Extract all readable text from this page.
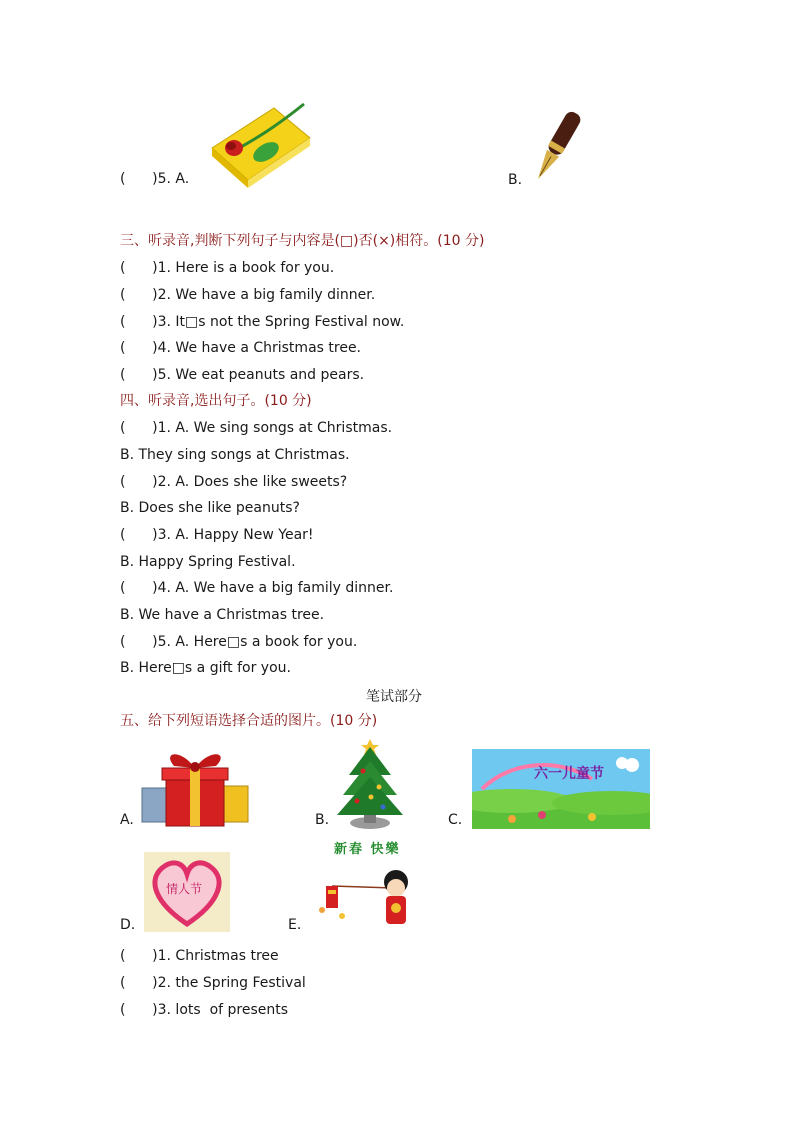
(      )5. A.	B.
三、听录音,判断下列句子与内容是(□)否(×)相符。(10 分)
(      )1. Here is a book for you.
(      )2. We have a big family dinner.
(      )3. It□s not the Spring Festival now.
(      )4. We have a Christmas tree.
(      )5. We eat peanuts and pears.
四、听录音,选出句子。(10 分)
(      )1. A. We sing songs at Christmas.
B. They sing songs at Christmas.
(      )2. A. Does she like sweets?
B. Does she like peanuts?
(      )3. A. Happy New Year!
B. Happy Spring Festival.
(      )4. A. We have a big family dinner.
B. We have a Christmas tree.
(      )5. A. Here□s a book for you.
B. Here□s a gift for you.
笔试部分
五、给下列短语选择合适的图片。(10 分)
A.	B.	C.
六一儿童节
D.
情人节
E.
新春 快樂
(      )1. Christmas tree
(      )2. the Spring Festival
(      )3. lots  of presents
